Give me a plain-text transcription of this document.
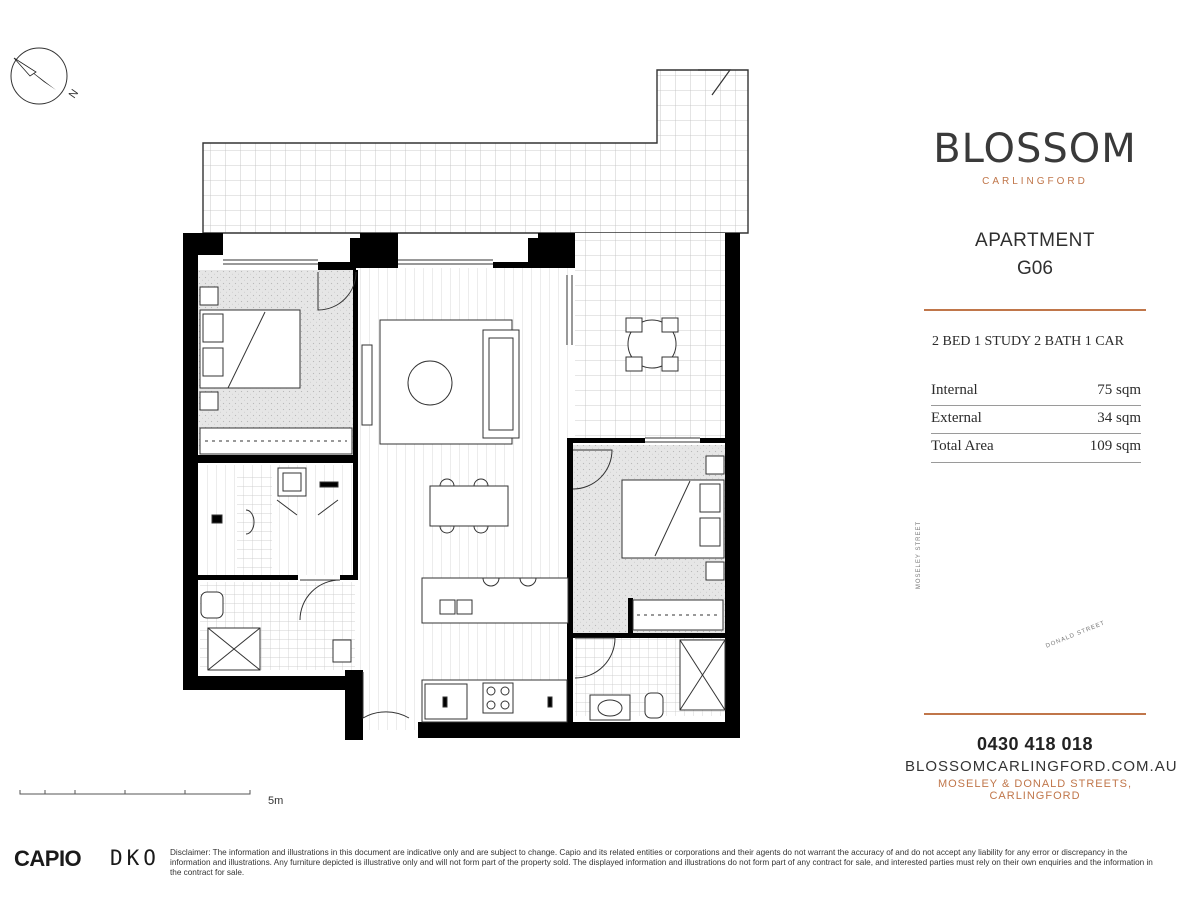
N
5m
BLOSSOM
CARLINGFORD
APARTMENT
G06
2 BED 1 STUDY 2 BATH 1 CAR
Internal	75 sqm
External	34 sqm
Total Area	109 sqm
MOSELEY STREET
DONALD STREET
0430 418 018
BLOSSOMCARLINGFORD.COM.AU
MOSELEY & DONALD STREETS, CARLINGFORD
CAPIO DKO Disclaimer: The information and illustrations in this document are indicative only and are subject to change. Capio and its related entities or corporations and their agents do not warrant the accuracy of and do not accept any liability for any error or discrepancy in the information and illustrations. Any furniture depicted is illustrative only and will not form part of the property sold. The displayed information and illustrations do not form part of any contract for sale, and interested parties must rely on their own enquiries and the information in the contract for sale.
